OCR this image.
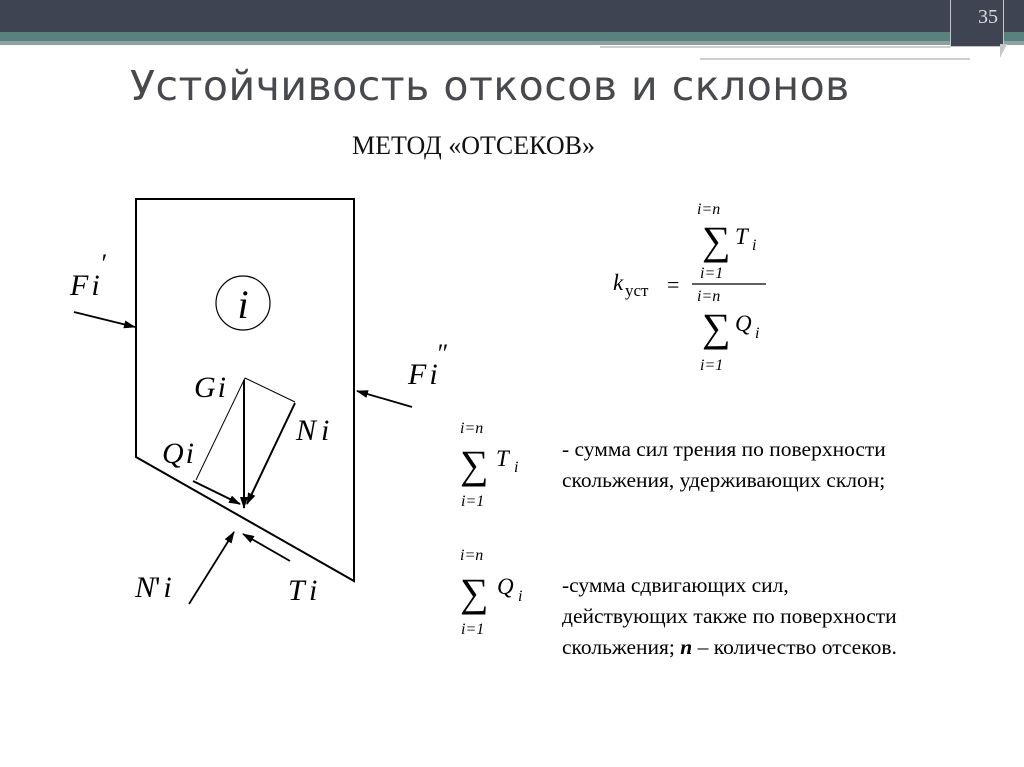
35
Устойчивость откосов и склонов
МЕТОД «ОТСЕКОВ»
i
F i
′
F i
″
Gi
N i
Qi
N' i	T i
k уст =
i=n
∑ T i
i=1
i=n
∑ Q i
i=1
i=n
∑ T i
i=1
i=n
∑ Q i
i=1
- сумма сил трения по поверхности
скольжения, удерживающих склон;
-сумма сдвигающих сил,
действующих также по поверхности
скольжения; n – количество отсеков.
